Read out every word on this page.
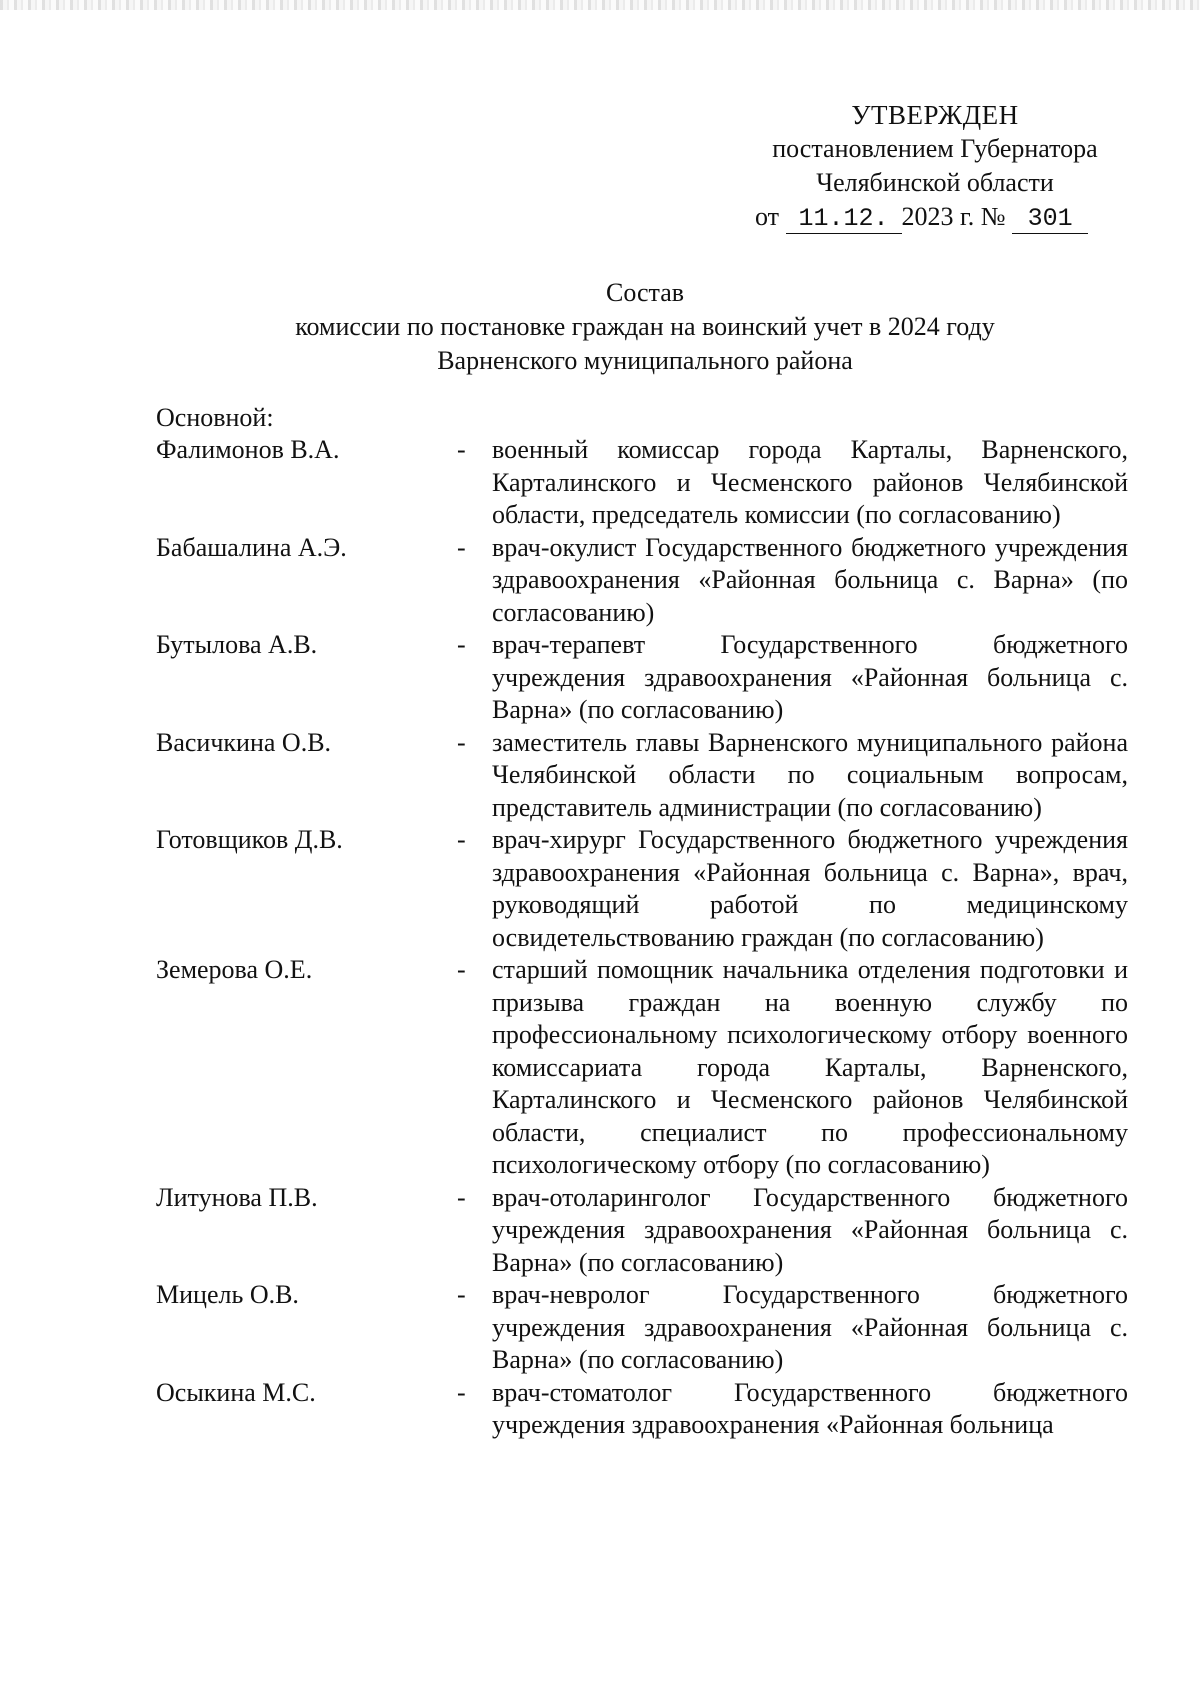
УТВЕРЖДЕН
постановлением Губернатора
Челябинской области
от 11.12. 2023 г. № 301
Состав
комиссии по постановке граждан на воинский учет в 2024 году
Варненского муниципального района
Основной:
Фалимонов В.А.	- военный комиссар города Карталы, Варненского, Карталинского и Чесменского районов Челябинской области, председатель комиссии (по согласованию)
Бабашалина А.Э.	- врач-окулист Государственного бюджетного учреждения здравоохранения «Районная больница с. Варна» (по согласованию)
Бутылова А.В.	- врач-терапевт Государственного бюджетного учреждения здравоохранения «Районная больница с. Варна» (по согласованию)
Васичкина О.В.	- заместитель главы Варненского муниципального района Челябинской области по социальным вопросам, представитель администрации (по согласованию)
Готовщиков Д.В.	- врач-хирург Государственного бюджетного учреждения здравоохранения «Районная больница с. Варна», врач, руководящий работой по медицинскому освидетельствованию граждан (по согласованию)
Земерова О.Е.	- старший помощник начальника отделения подготовки и призыва граждан на военную службу по профессиональному психологическому отбору военного комиссариата города Карталы, Варненского, Карталинского и Чесменского районов Челябинской области, специалист по профессиональному психологическому отбору (по согласованию)
Литунова П.В.	- врач-отоларинголог Государственного бюджетного учреждения здравоохранения «Районная больница с. Варна» (по согласованию)
Мицель О.В.	- врач-невролог Государственного бюджетного учреждения здравоохранения «Районная больница с. Варна» (по согласованию)
Осыкина М.С.	- врач-стоматолог Государственного бюджетного учреждения здравоохранения «Районная больница
